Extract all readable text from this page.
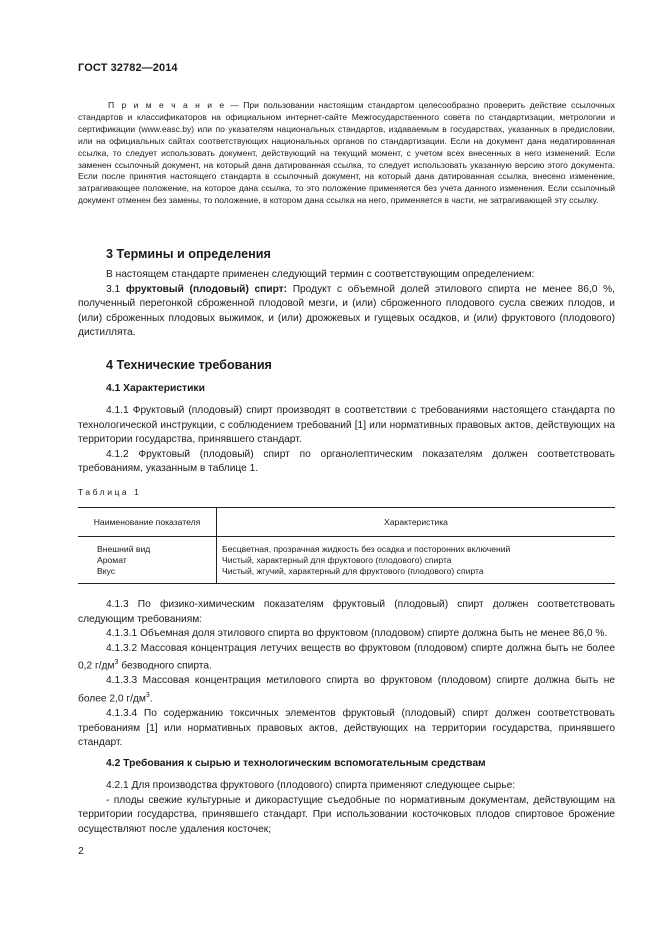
ГОСТ 32782—2014

П р и м е ч а н и е — При пользовании настоящим стандартом целесообразно проверить действие ссылочных стандартов и классификаторов на официальном интернет-сайте Межгосударственного совета по стандартизации, метрологии и сертификации (www.easc.by) или по указателям национальных стандартов, издаваемым в государствах, указанных в предисловии, или на официальных сайтах соответствующих национальных органов по стандартизации. Если на документ дана недатированная ссылка, то следует использовать документ, действующий на текущий момент, с учетом всех внесенных в него изменений. Если заменен ссылочный документ, на который дана датированная ссылка, то следует использовать указанную версию этого документа. Если после принятия настоящего стандарта в ссылочный документ, на который дана датированная ссылка, внесено изменение, затрагивающее положение, на которое дана ссылка, то это положение применяется без учета данного изменения. Если ссылочный документ отменен без замены, то положение, в котором дана ссылка на него, применяется в части, не затрагивающей эту ссылку.

3 Термины и определения

В настоящем стандарте применен следующий термин с соответствующим определением:

3.1 фруктовый (плодовый) спирт: Продукт с объемной долей этилового спирта не менее 86,0 %, полученный перегонкой сброженной плодовой мезги, и (или) сброженного плодового сусла свежих плодов, и (или) сброженных плодовых выжимок, и (или) дрожжевых и гущевых осадков, и (или) фруктового (плодового) дистиллята.

4 Технические требования
4.1 Характеристики

4.1.1 Фруктовый (плодовый) спирт производят в соответствии с требованиями настоящего стандарта по технологической инструкции, с соблюдением требований [1] или нормативных правовых актов, действующих на территории государства, принявшего стандарт.

4.1.2 Фруктовый (плодовый) спирт по органолептическим показателям должен соответствовать требованиям, указанным в таблице 1.

Таблица 1
Наименование показателя	Характеристика
Внешний вид	Бесцветная, прозрачная жидкость без осадка и посторонних включений
Аромат	Чистый, характерный для фруктового (плодового) спирта
Вкус	Чистый, жгучий, характерный для фруктового (плодового) спирта

4.1.3 По физико-химическим показателям фруктовый (плодовый) спирт должен соответствовать следующим требованиям:

4.1.3.1 Объемная доля этилового спирта во фруктовом (плодовом) спирте должна быть не менее 86,0 %.

4.1.3.2 Массовая концентрация летучих веществ во фруктовом (плодовом) спирте должна быть не более 0,2 $г/дм^3$ безводного спирта.

4.1.3.3 Массовая концентрация метилового спирта во фруктовом (плодовом) спирте должна быть не более 2,0 $г/дм^3$.

4.1.3.4 По содержанию токсичных элементов фруктовый (плодовый) спирт должен соответствовать требованиям [1] или нормативных правовых актов, действующих на территории государства, принявшего стандарт.

4.2 Требования к сырью и технологическим вспомогательным средствам

4.2.1 Для производства фруктового (плодового) спирта применяют следующее сырье:

- плоды свежие культурные и дикорастущие съедобные по нормативным документам, действующим на территории государства, принявшего стандарт. При использовании косточковых плодов спиртовое брожение осуществляют после удаления косточек;

2
